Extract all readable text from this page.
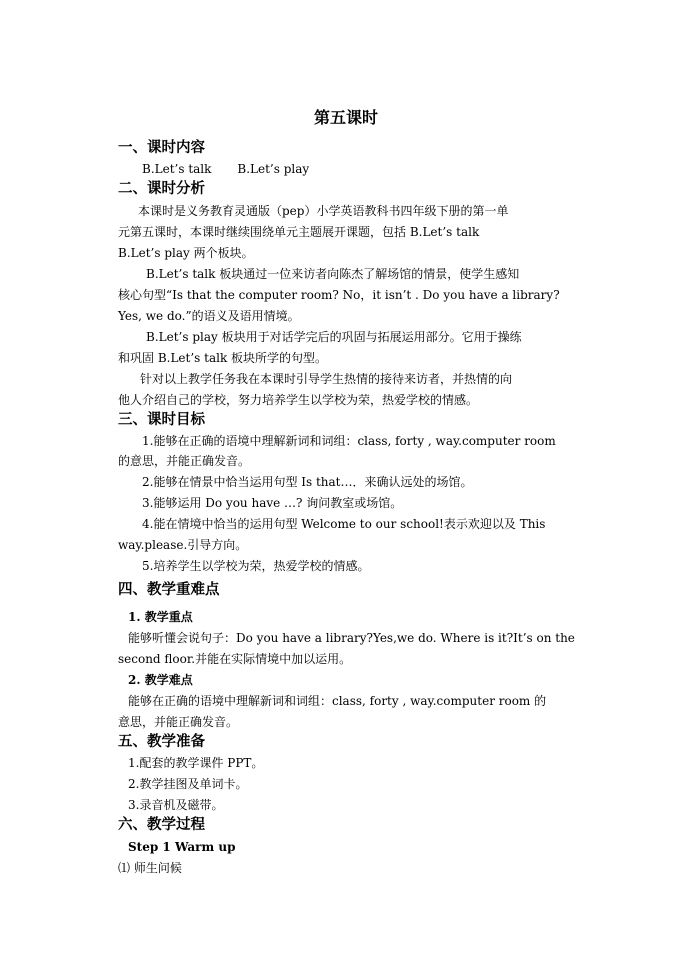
第五课时
一、课时内容
B.Let’s talk B.Let’s play
二、课时分析
本课时是义务教育灵通版（pep）小学英语教科书四年级下册的第一单
元第五课时，本课时继续围绕单元主题展开课题，包括 B.Let’s talk
B.Let’s play 两个板块。
B.Let’s talk 板块通过一位来访者向陈杰了解场馆的情景，使学生感知
核心句型“Is that the computer room? No，it isn’t . Do you have a library?
Yes, we do.”的语义及语用情境。
B.Let’s play 板块用于对话学完后的巩固与拓展运用部分。它用于操练
和巩固 B.Let’s talk 板块所学的句型。
针对以上教学任务我在本课时引导学生热情的接待来访者，并热情的向
他人介绍自己的学校，努力培养学生以学校为荣，热爱学校的情感。
三、课时目标
1.能够在正确的语境中理解新词和词组：class, forty , way.computer room
的意思，并能正确发音。
2.能够在情景中恰当运用句型 Is that…．来确认远处的场馆。
3.能够运用 Do you have …? 询问教室或场馆。
4.能在情境中恰当的运用句型 Welcome to our school!表示欢迎以及 This
way.please.引导方向。
5.培养学生以学校为荣，热爱学校的情感。
四、教学重难点
1. 教学重点
能够听懂会说句子：Do you have a library?Yes,we do. Where is it?It’s on the
second floor.并能在实际情境中加以运用。
2. 教学难点
能够在正确的语境中理解新词和词组：class, forty , way.computer room 的
意思，并能正确发音。
五、教学准备
1.配套的教学课件 PPT。
2.教学挂图及单词卡。
3.录音机及磁带。
六、教学过程
Step 1 Warm up
⑴ 师生问候
